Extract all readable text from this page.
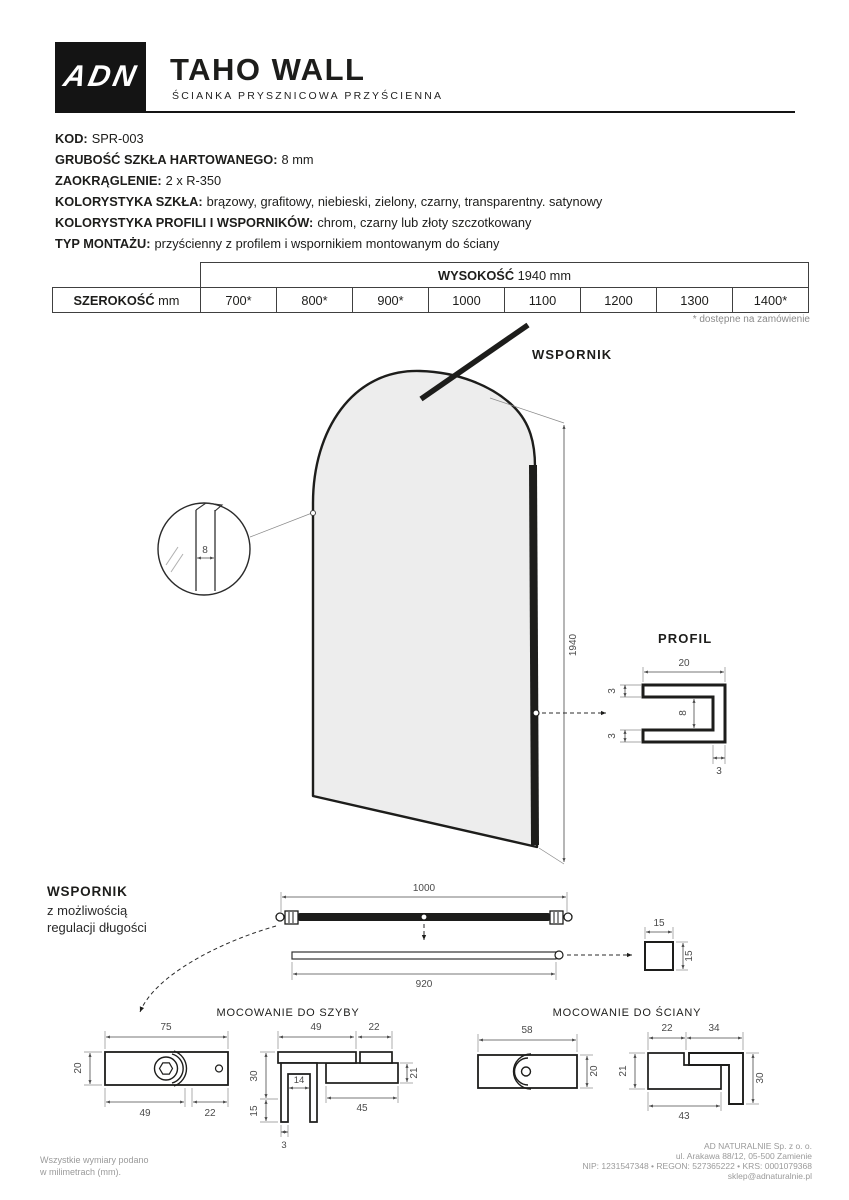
ADN TAHO WALL
ŚCIANKA PRYSZNICOWA PRZYŚCIENNA
KOD: SPR-003
GRUBOŚĆ SZKŁA HARTOWANEGO: 8 mm
ZAOKRĄGLENIE: 2 x R-350
KOLORYSTYKA SZKŁA: brązowy, grafitowy, niebieski, zielony, czarny, transparentny. satynowy
KOLORYSTYKA PROFILI I WSPORNIKÓW: chrom, czarny lub złoty szczotkowany
TYP MONTAŻU: przyścienny z profilem i wspornikiem montowanym do ściany
	WYSOKOŚĆ 1940 mm							
SZEROKOŚĆ mm	700*	800*	900*	1000	1100	1200	1300	1400*
* dostępne na zamówienie
WSPORNIK
1940
8
PROFIL
20
3
3
8
3
WSPORNIK
z możliwością
regulacji długości
1000
920
15
15
MOCOWANIE DO SZYBY	MOCOWANIE DO ŚCIANY
75
20
49	22
49	22
30
15
14
21
45
3
58
20
22	34
21
30
43
Wszystkie wymiary podano
w milimetrach (mm).
AD NATURALNIE Sp. z o. o.
ul. Arakawa 88/12, 05-500 Zamienie
NIP: 1231547348 • REGON: 527365222 • KRS: 0001079368
sklep@adnaturalnie.pl
